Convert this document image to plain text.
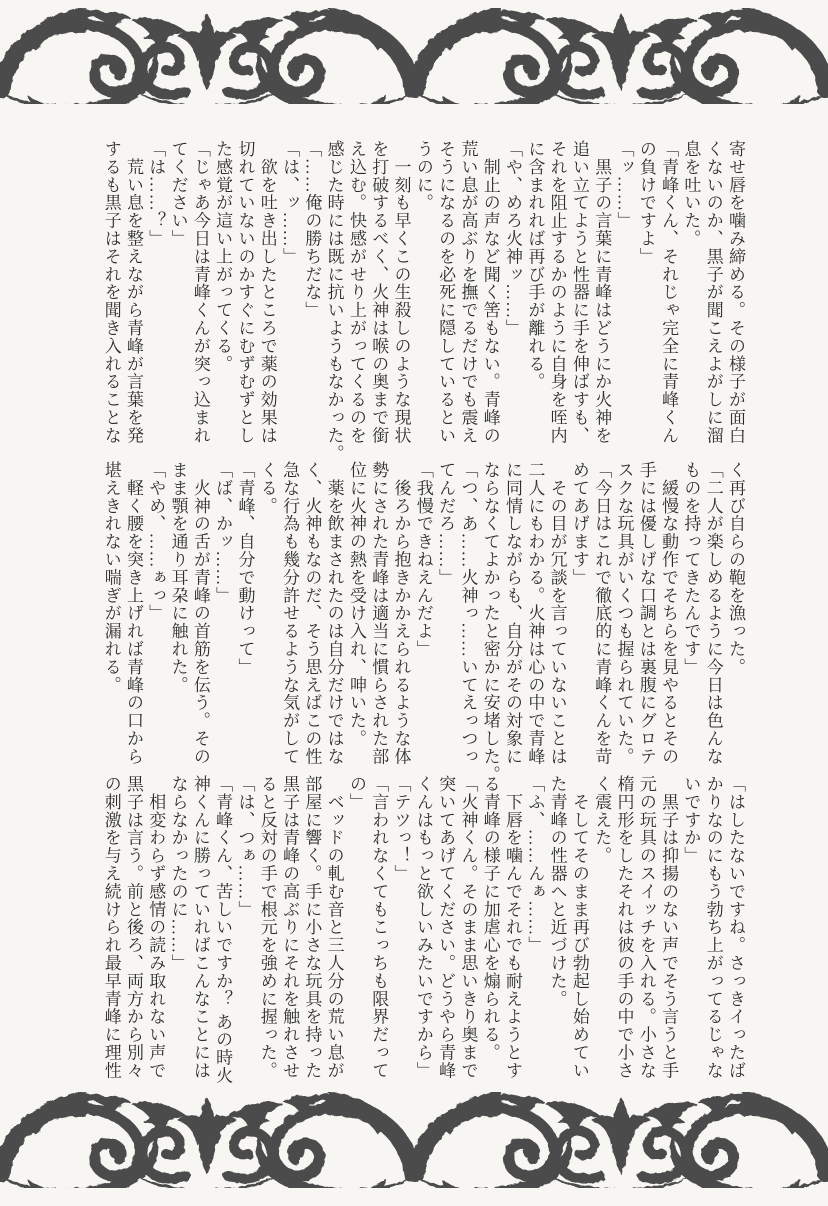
寄せ唇を噛み締める。その様子が面白
くないのか、黒子が聞こえよがしに溜
息を吐いた。
「青峰くん、それじゃ完全に青峰くん
の負けですよ」
「ッ……」
　黒子の言葉に青峰はどうにか火神を
追い立てようと性器に手を伸ばすも、
それを阻止するかのように自身を咥内
に含まれれば再び手が離れる。
「や、めろ火神ッ……」
　制止の声など聞く筈もない。青峰の
荒い息が高ぶりを撫でるだけでも震え
そうになるのを必死に隠しているとい
うのに。
　一刻も早くこの生殺しのような現状
を打破するべく、火神は喉の奥まで銜
え込む。快感がせり上がってくるのを
感じた時には既に抗いようもなかった。
「……俺の勝ちだな」
「は、ッ……」
　欲を吐き出したところで薬の効果は
切れていないのかすぐにむずむずとし
た感覚が這い上がってくる。
「じゃあ今日は青峰くんが突っ込まれ
てください」
「は……？」
　荒い息を整えながら青峰が言葉を発
するも黒子はそれを聞き入れることな
く再び自らの鞄を漁った。
「二人が楽しめるように今日は色んな
ものを持ってきたんです」
　緩慢な動作でそちらを見やるとその
手には優しげな口調とは裏腹にグロテ
スクな玩具がいくつも握られていた。
「今日はこれで徹底的に青峰くんを苛
めてあげます」
　その目が冗談を言っていないことは
二人にもわかる。火神は心の中で青峰
に同情しながらも、自分がその対象に
ならなくてよかったと密かに安堵した。
「つ、あ……火神っ……いてえっつっ
てんだろ……」
「我慢できねえんだよ」
　後ろから抱きかかえられるような体
勢にされた青峰は適当に慣らされた部
位に火神の熱を受け入れ、呻いた。
　薬を飲まされたのは自分だけではな
く、火神もなのだ、そう思えばこの性
急な行為も幾分許せるような気がして
くる。
「青峰、自分で動けって」
「ば、かッ……」
　火神の舌が青峰の首筋を伝う。その
まま顎を通り耳朶に触れた。
「やめ、……ぁっ」
　軽く腰を突き上げれば青峰の口から
堪えきれない喘ぎが漏れる。
「はしたないですね。さっきイったば
かりなのにもう勃ち上がってるじゃな
いですか」
　黒子は抑揚のない声でそう言うと手
元の玩具のスイッチを入れる。小さな
楕円形をしたそれは彼の手の中で小さ
く震えた。
　そしてそのまま再び勃起し始めてい
た青峰の性器へと近づけた。
「ふ、……んぁ……」
　下唇を噛んでそれでも耐えようとす
る青峰の様子に加虐心を煽られる。
「火神くん。そのまま思いきり奥まで
突いてあげてください。どうやら青峰
くんはもっと欲しいみたいですから」
「テツっ！」
「言われなくてもこっちも限界だって
の」
　ベッドの軋む音と三人分の荒い息が
部屋に響く。手に小さな玩具を持った
黒子は青峰の高ぶりにそれを触れさせ
ると反対の手で根元を強めに握った。
「は、つぁ……」
「青峰くん、苦しいですか？ あの時火
神くんに勝っていればこんなことには
ならなかったのに……」
　相変わらず感情の読み取れない声で
黒子は言う。前と後ろ、両方から別々
の刺激を与え続けられ最早青峰に理性
